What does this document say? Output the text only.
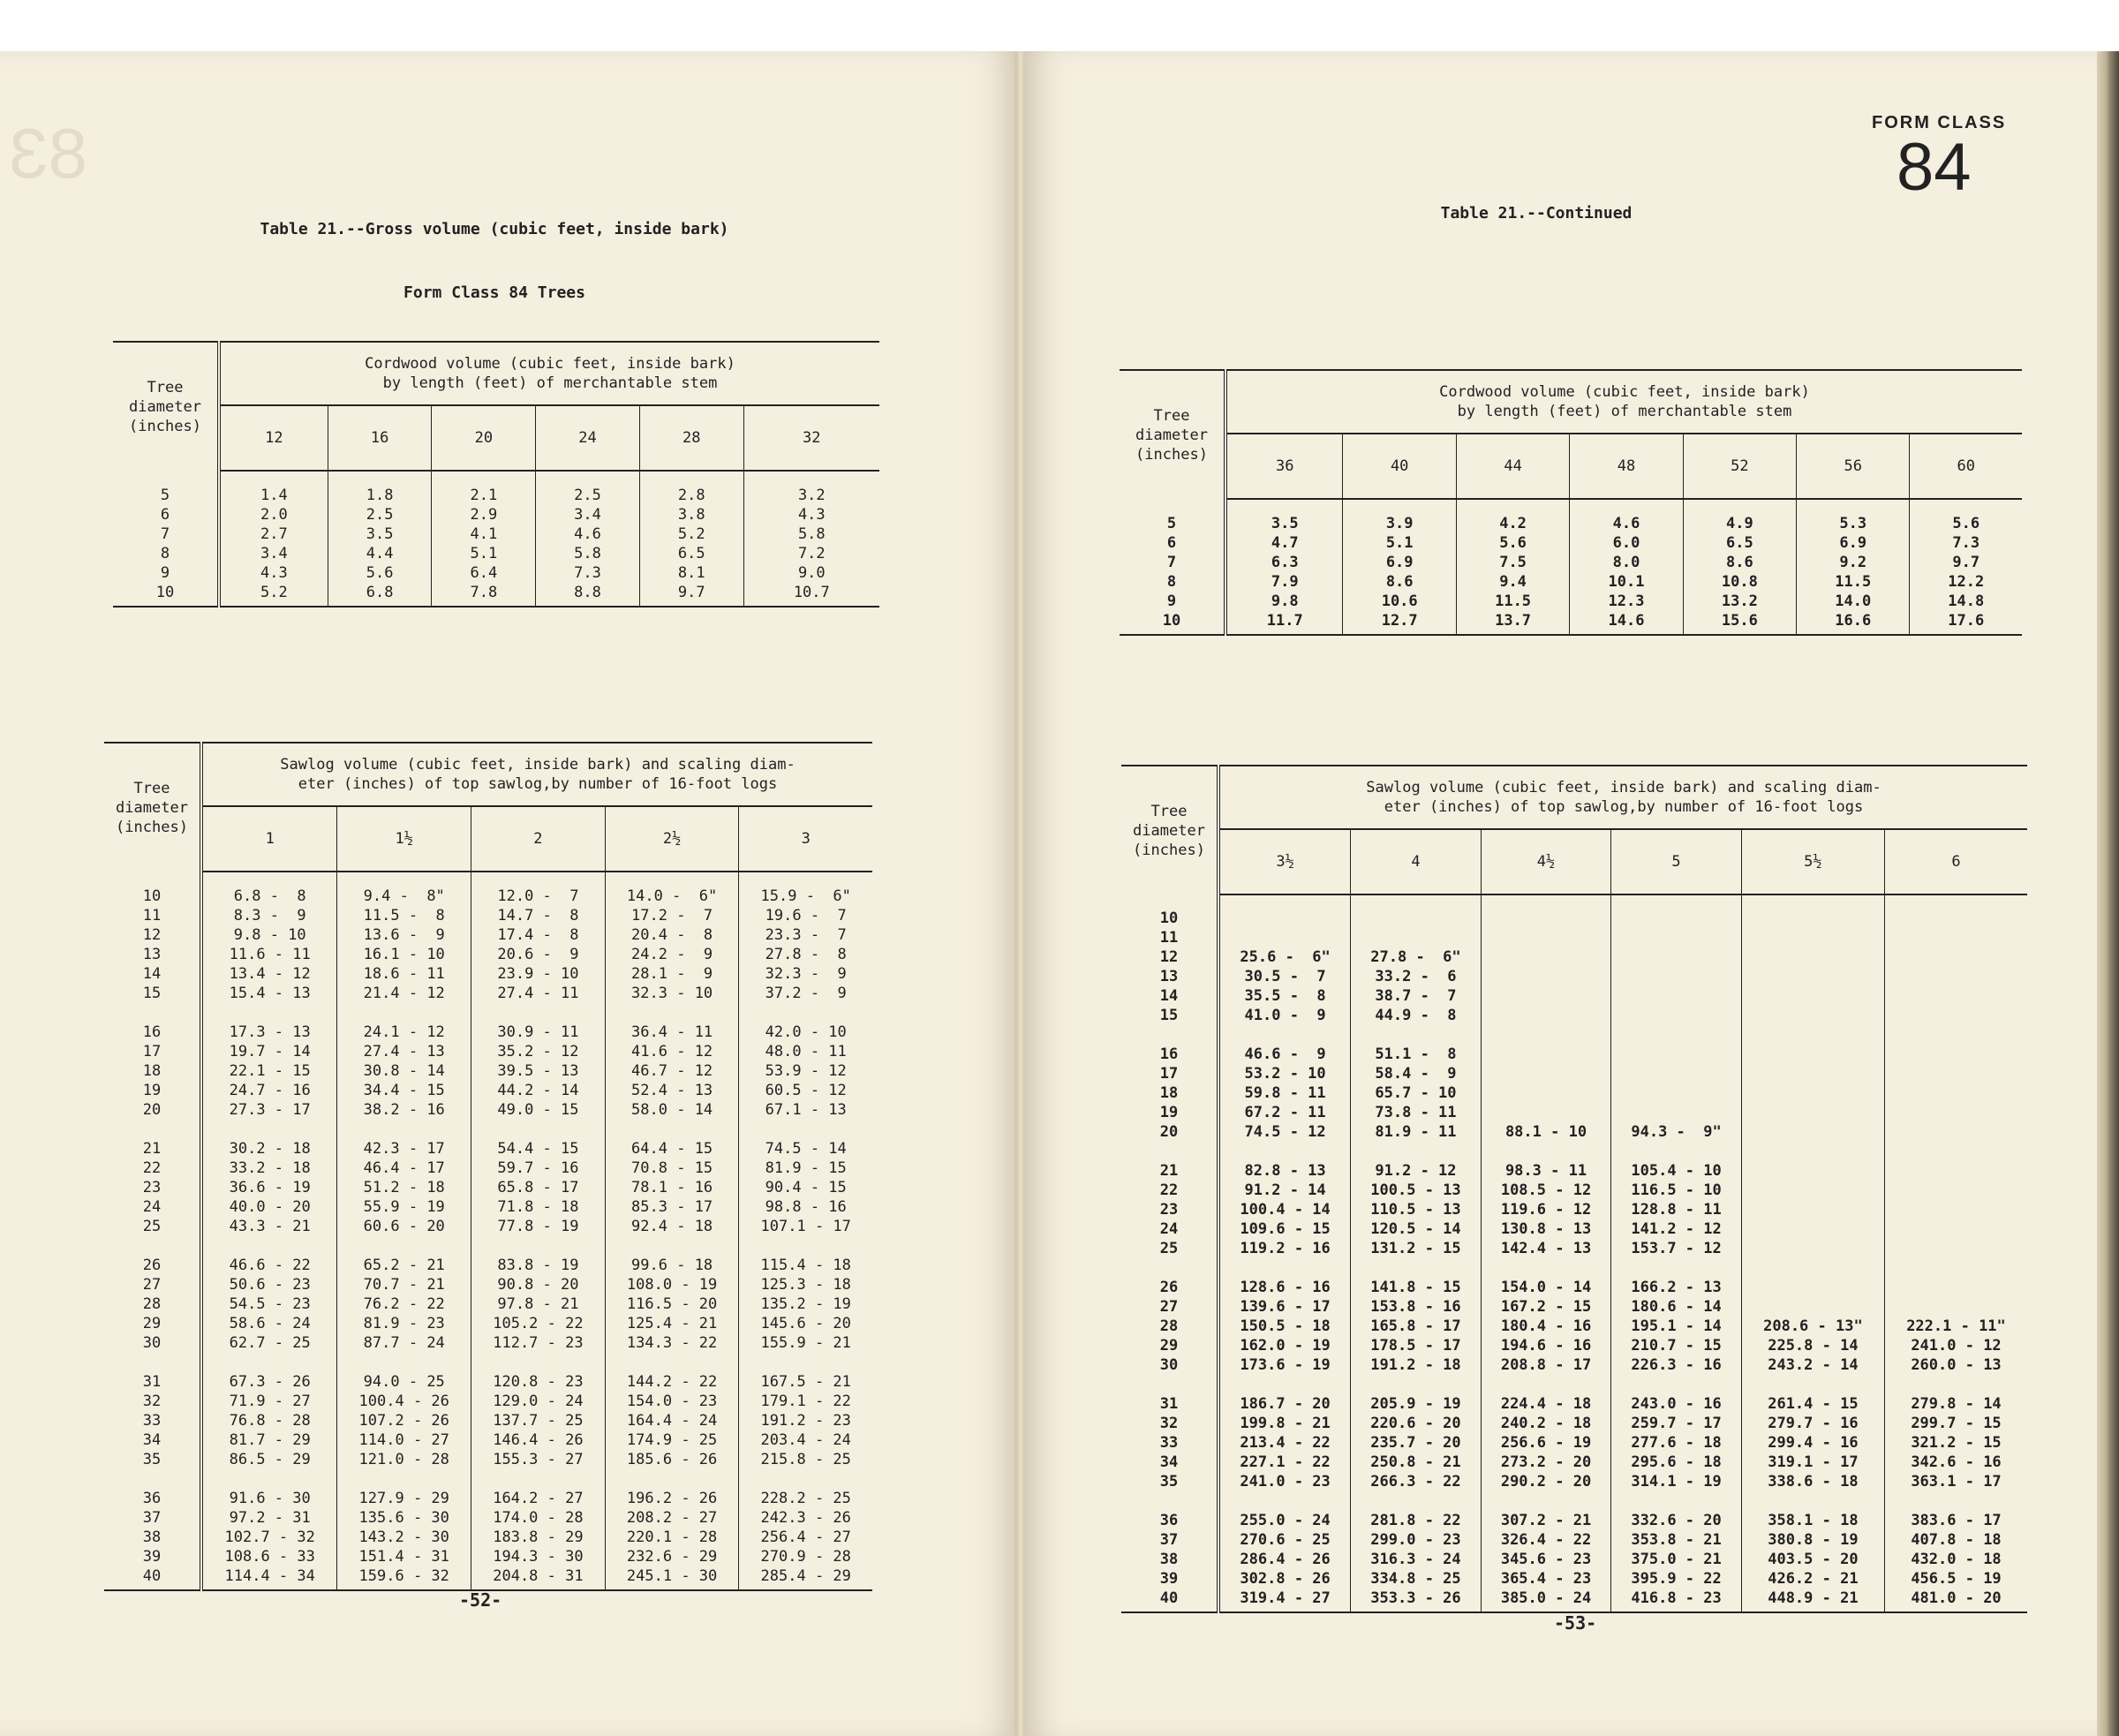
83

Table 21.--Gross volume (cubic feet, inside bark)

Form Class 84 Trees

Tree
diameter
(inches)	Cordwood volume (cubic feet, inside bark)
by length (feet) of merchantable stem					
	12	16	20	24	28	32
5	1.4	1.8	2.1	2.5	2.8	3.2
6	2.0	2.5	2.9	3.4	3.8	4.3
7	2.7	3.5	4.1	4.6	5.2	5.8
8	3.4	4.4	5.1	5.8	6.5	7.2
9	4.3	5.6	6.4	7.3	8.1	9.0
10	5.2	6.8	7.8	8.8	9.7	10.7
Tree
diameter
(inches)	Sawlog volume (cubic feet, inside bark) and scaling diam-
eter (inches) of top sawlog,by number of 16-foot logs				
	1	1½	2	2½	3
10	6.8 -  8	9.4 -  8"	12.0 -  7	14.0 -  6"	15.9 -  6"
11	8.3 -  9	11.5 -  8	14.7 -  8	17.2 -  7	19.6 -  7
12	9.8 - 10	13.6 -  9	17.4 -  8	20.4 -  8	23.3 -  7
13	11.6 - 11	16.1 - 10	20.6 -  9	24.2 -  9	27.8 -  8
14	13.4 - 12	18.6 - 11	23.9 - 10	28.1 -  9	32.3 -  9
15	15.4 - 13	21.4 - 12	27.4 - 11	32.3 - 10	37.2 -  9
16	17.3 - 13	24.1 - 12	30.9 - 11	36.4 - 11	42.0 - 10
17	19.7 - 14	27.4 - 13	35.2 - 12	41.6 - 12	48.0 - 11
18	22.1 - 15	30.8 - 14	39.5 - 13	46.7 - 12	53.9 - 12
19	24.7 - 16	34.4 - 15	44.2 - 14	52.4 - 13	60.5 - 12
20	27.3 - 17	38.2 - 16	49.0 - 15	58.0 - 14	67.1 - 13
21	30.2 - 18	42.3 - 17	54.4 - 15	64.4 - 15	74.5 - 14
22	33.2 - 18	46.4 - 17	59.7 - 16	70.8 - 15	81.9 - 15
23	36.6 - 19	51.2 - 18	65.8 - 17	78.1 - 16	90.4 - 15
24	40.0 - 20	55.9 - 19	71.8 - 18	85.3 - 17	98.8 - 16
25	43.3 - 21	60.6 - 20	77.8 - 19	92.4 - 18	107.1 - 17
26	46.6 - 22	65.2 - 21	83.8 - 19	99.6 - 18	115.4 - 18
27	50.6 - 23	70.7 - 21	90.8 - 20	108.0 - 19	125.3 - 18
28	54.5 - 23	76.2 - 22	97.8 - 21	116.5 - 20	135.2 - 19
29	58.6 - 24	81.9 - 23	105.2 - 22	125.4 - 21	145.6 - 20
30	62.7 - 25	87.7 - 24	112.7 - 23	134.3 - 22	155.9 - 21
31	67.3 - 26	94.0 - 25	120.8 - 23	144.2 - 22	167.5 - 21
32	71.9 - 27	100.4 - 26	129.0 - 24	154.0 - 23	179.1 - 22
33	76.8 - 28	107.2 - 26	137.7 - 25	164.4 - 24	191.2 - 23
34	81.7 - 29	114.0 - 27	146.4 - 26	174.9 - 25	203.4 - 24
35	86.5 - 29	121.0 - 28	155.3 - 27	185.6 - 26	215.8 - 25
36	91.6 - 30	127.9 - 29	164.2 - 27	196.2 - 26	228.2 - 25
37	97.2 - 31	135.6 - 30	174.0 - 28	208.2 - 27	242.3 - 26
38	102.7 - 32	143.2 - 30	183.8 - 29	220.1 - 28	256.4 - 27
39	108.6 - 33	151.4 - 31	194.3 - 30	232.6 - 29	270.9 - 28
40	114.4 - 34	159.6 - 32	204.8 - 31	245.1 - 30	285.4 - 29
-52-
FORM CLASS
84
Table 21.--Continued
Tree
diameter
(inches)	Cordwood volume (cubic feet, inside bark)
by length (feet) of merchantable stem						
	36	40	44	48	52	56	60
5	3.5	3.9	4.2	4.6	4.9	5.3	5.6
6	4.7	5.1	5.6	6.0	6.5	6.9	7.3
7	6.3	6.9	7.5	8.0	8.6	9.2	9.7
8	7.9	8.6	9.4	10.1	10.8	11.5	12.2
9	9.8	10.6	11.5	12.3	13.2	14.0	14.8
10	11.7	12.7	13.7	14.6	15.6	16.6	17.6
Tree
diameter
(inches)	Sawlog volume (cubic feet, inside bark) and scaling diam-
eter (inches) of top sawlog,by number of 16-foot logs					
	3½	4	4½	5	5½	6
10						
11						
12	25.6 -  6"	27.8 -  6"				
13	30.5 -  7	33.2 -  6				
14	35.5 -  8	38.7 -  7				
15	41.0 -  9	44.9 -  8				
16	46.6 -  9	51.1 -  8				
17	53.2 - 10	58.4 -  9				
18	59.8 - 11	65.7 - 10				
19	67.2 - 11	73.8 - 11				
20	74.5 - 12	81.9 - 11	88.1 - 10	94.3 -  9"		
21	82.8 - 13	91.2 - 12	98.3 - 11	105.4 - 10		
22	91.2 - 14	100.5 - 13	108.5 - 12	116.5 - 10		
23	100.4 - 14	110.5 - 13	119.6 - 12	128.8 - 11		
24	109.6 - 15	120.5 - 14	130.8 - 13	141.2 - 12		
25	119.2 - 16	131.2 - 15	142.4 - 13	153.7 - 12		
26	128.6 - 16	141.8 - 15	154.0 - 14	166.2 - 13		
27	139.6 - 17	153.8 - 16	167.2 - 15	180.6 - 14		
28	150.5 - 18	165.8 - 17	180.4 - 16	195.1 - 14	208.6 - 13"	222.1 - 11"
29	162.0 - 19	178.5 - 17	194.6 - 16	210.7 - 15	225.8 - 14	241.0 - 12
30	173.6 - 19	191.2 - 18	208.8 - 17	226.3 - 16	243.2 - 14	260.0 - 13
31	186.7 - 20	205.9 - 19	224.4 - 18	243.0 - 16	261.4 - 15	279.8 - 14
32	199.8 - 21	220.6 - 20	240.2 - 18	259.7 - 17	279.7 - 16	299.7 - 15
33	213.4 - 22	235.7 - 20	256.6 - 19	277.6 - 18	299.4 - 16	321.2 - 15
34	227.1 - 22	250.8 - 21	273.2 - 20	295.6 - 18	319.1 - 17	342.6 - 16
35	241.0 - 23	266.3 - 22	290.2 - 20	314.1 - 19	338.6 - 18	363.1 - 17
36	255.0 - 24	281.8 - 22	307.2 - 21	332.6 - 20	358.1 - 18	383.6 - 17
37	270.6 - 25	299.0 - 23	326.4 - 22	353.8 - 21	380.8 - 19	407.8 - 18
38	286.4 - 26	316.3 - 24	345.6 - 23	375.0 - 21	403.5 - 20	432.0 - 18
39	302.8 - 26	334.8 - 25	365.4 - 23	395.9 - 22	426.2 - 21	456.5 - 19
40	319.4 - 27	353.3 - 26	385.0 - 24	416.8 - 23	448.9 - 21	481.0 - 20
-53-
